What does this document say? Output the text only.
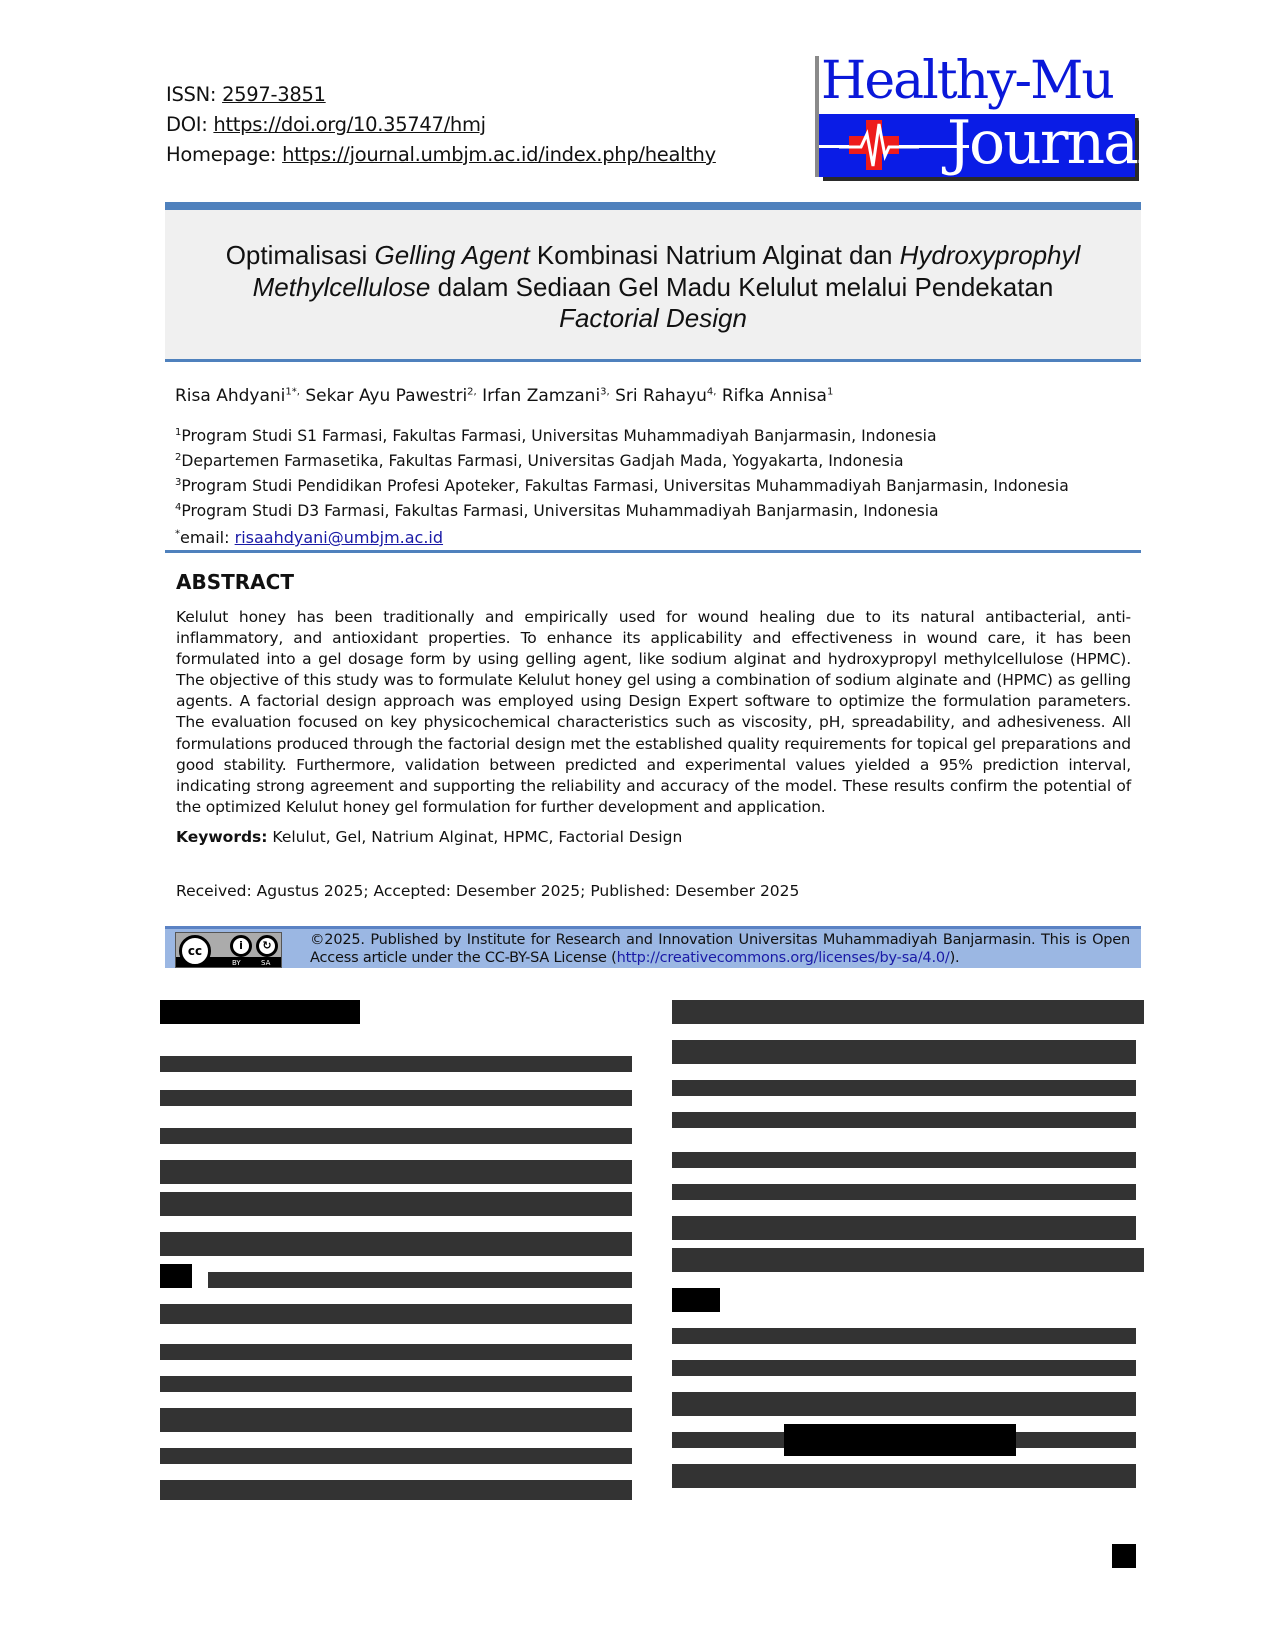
ISSN: 2597-3851
DOI: https://doi.org/10.35747/hmj
Homepage: https://journal.umbjm.ac.id/index.php/healthy
Healthy-Mu
Journal
Optimalisasi Gelling Agent Kombinasi Natrium Alginat dan Hydroxyprophyl
Methylcellulose dalam Sediaan Gel Madu Kelulut melalui Pendekatan
Factorial Design
Risa Ahdyani$^{1*,}$ Sekar Ayu Pawestri$^{2,}$ Irfan Zamzani$^{3,}$ Sri Rahayu$^{4,}$ Rifka Annisa$^1$
$^1$Program Studi S1 Farmasi, Fakultas Farmasi, Universitas Muhammadiyah Banjarmasin, Indonesia
$^2$Departemen Farmasetika, Fakultas Farmasi, Universitas Gadjah Mada, Yogyakarta, Indonesia
$^3$Program Studi Pendidikan Profesi Apoteker, Fakultas Farmasi, Universitas Muhammadiyah Banjarmasin, Indonesia
$^4$Program Studi D3 Farmasi, Fakultas Farmasi, Universitas Muhammadiyah Banjarmasin, Indonesia
*email: risaahdyani@umbjm.ac.id
ABSTRACT
Kelulut honey has been traditionally and empirically used for wound healing due to its natural antibacterial, anti-inflammatory, and antioxidant properties. To enhance its applicability and effectiveness in wound care, it has been formulated into a gel dosage form by using gelling agent, like sodium alginat and hydroxypropyl methylcellulose (HPMC). The objective of this study was to formulate Kelulut honey gel using a combination of sodium alginate and (HPMC) as gelling agents. A factorial design approach was employed using Design Expert software to optimize the formulation parameters. The evaluation focused on key physicochemical characteristics such as viscosity, pH, spreadability, and adhesiveness. All formulations produced through the factorial design met the established quality requirements for topical gel preparations and good stability. Furthermore, validation between predicted and experimental values yielded a 95% prediction interval, indicating strong agreement and supporting the reliability and accuracy of the model. These results confirm the potential of the optimized Kelulut honey gel formulation for further development and application.
Keywords: Kelulut, Gel, Natrium Alginat, HPMC, Factorial Design
Received: Agustus 2025; Accepted: Desember 2025; Published: Desember 2025
cc	i	↻
BY	SA
©2025. Published by Institute for Research and Innovation Universitas Muhammadiyah Banjarmasin. This is Open Access article under the CC-BY-SA License (http://creativecommons.org/licenses/by-sa/4.0/).
